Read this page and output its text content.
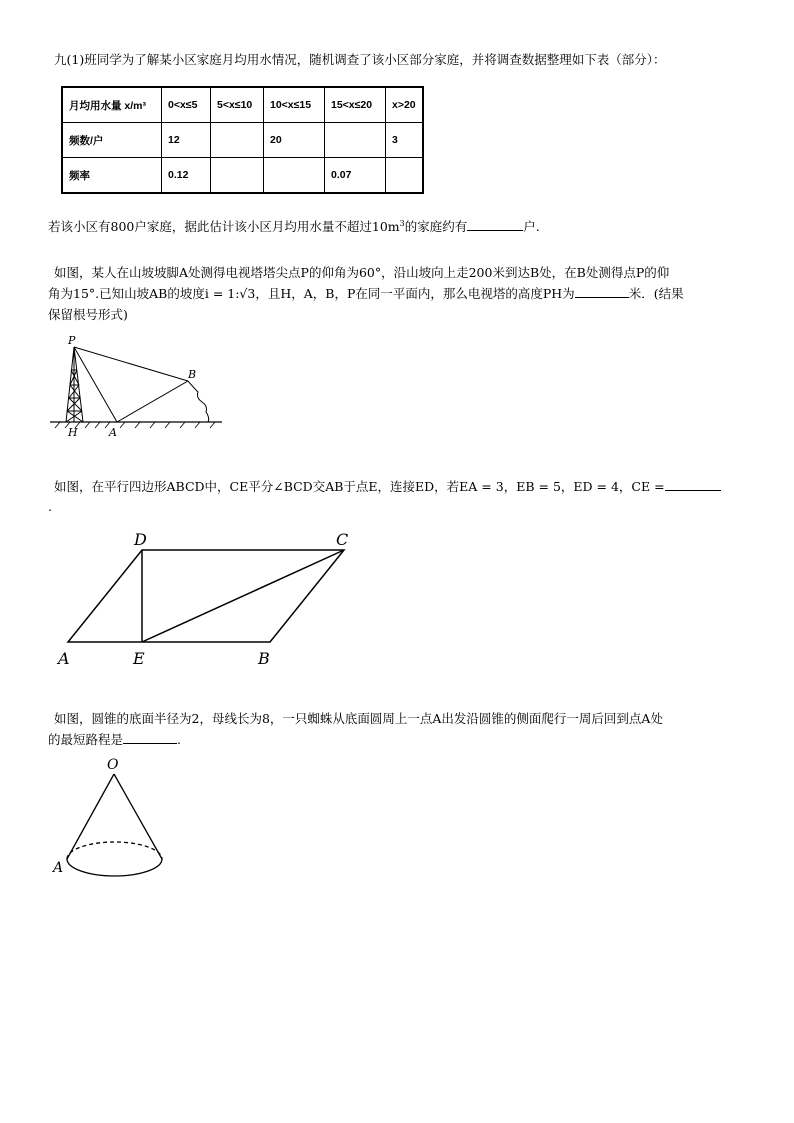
九(1)班同学为了解某小区家庭月均用水情况，随机调查了该小区部分家庭，并将调查数据整理如下表（部分）：
月均用水量 x/m³	0<x≤5	5<x≤10	10<x≤15	15<x≤20	x>20
频数/户	12		20		3
频率	0.12			0.07	
若该小区有800户家庭，据此估计该小区月均用水量不超过$10m^3$的家庭约有	户.
如图，某人在山坡坡脚A处测得电视塔塔尖点P的仰角为60°，沿山坡向上走200米到达B处，在B处测得点P的仰
角为15°.已知山坡AB的坡度i = 1:√3，且H，A，B，P在同一平面内，那么电视塔的高度PH为	米．(结果
保留根号形式)
P
B
H	A
如图，在平行四边形ABCD中，CE平分∠BCD交AB于点E，连接ED，若EA = 3，EB = 5，ED = 4，CE =
.
D	C
A	E	B
如图，圆锥的底面半径为2，母线长为8，一只蜘蛛从底面圆周上一点A出发沿圆锥的侧面爬行一周后回到点A处
的最短路程是	.
O
A
